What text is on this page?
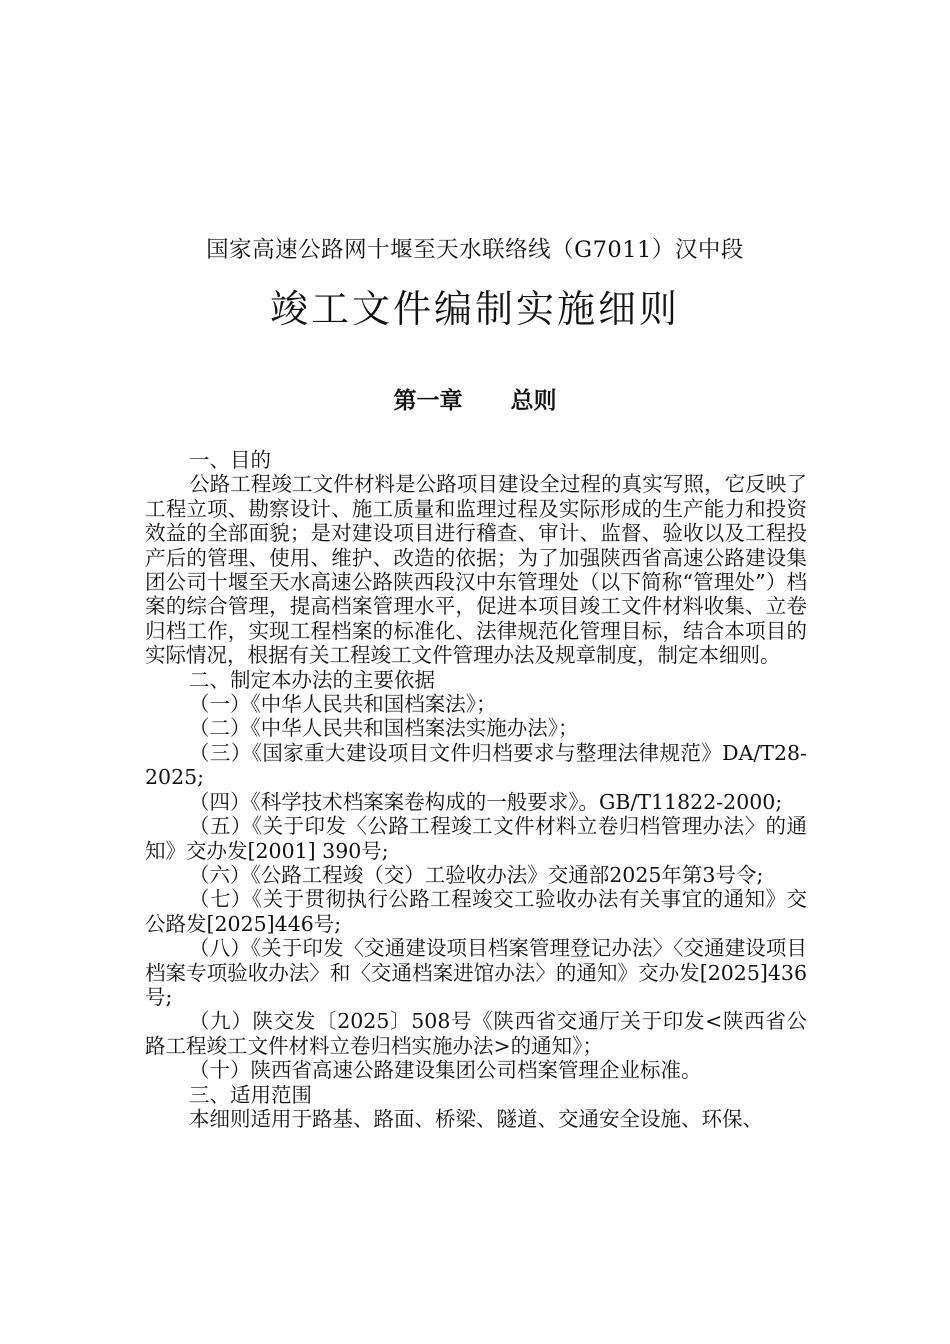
国家高速公路网十堰至天水联络线（G7011）汉中段
竣工文件编制实施细则
第一章 总则

一、目的

公路工程竣工文件材料是公路项目建设全过程的真实写照，它反映了工程立项、勘察设计、施工质量和监理过程及实际形成的生产能力和投资效益的全部面貌；是对建设项目进行稽查、审计、监督、验收以及工程投产后的管理、使用、维护、改造的依据；为了加强陕西省高速公路建设集团公司十堰至天水高速公路陕西段汉中东管理处（以下简称“管理处”）档案的综合管理，提高档案管理水平，促进本项目竣工文件材料收集、立卷归档工作，实现工程档案的标准化、法律规范化管理目标，结合本项目的实际情况，根据有关工程竣工文件管理办法及规章制度，制定本细则。

二、制定本办法的主要依据

（一）《中华人民共和国档案法》；

（二）《中华人民共和国档案法实施办法》；

（三）《国家重大建设项目文件归档要求与整理法律规范》DA/T28-2025;

（四）《科学技术档案案卷构成的一般要求》。GB/T11822-2000;

（五）《关于印发〈公路工程竣工文件材料立卷归档管理办法〉的通知》交办发[2001] 390号;

（六）《公路工程竣（交）工验收办法》交通部2025年第3号令;

（七）《关于贯彻执行公路工程竣交工验收办法有关事宜的通知》交公路发[2025]446号;

（八）《关于印发〈交通建设项目档案管理登记办法〉〈交通建设项目档案专项验收办法〉和〈交通档案进馆办法〉的通知》交办发[2025]436号;

（九）陕交发〔2025〕508号《陕西省交通厅关于印发<陕西省公路工程竣工文件材料立卷归档实施办法>的通知》；

（十）陕西省高速公路建设集团公司档案管理企业标准。

三、适用范围

本细则适用于路基、路面、桥梁、隧道、交通安全设施、环保、
